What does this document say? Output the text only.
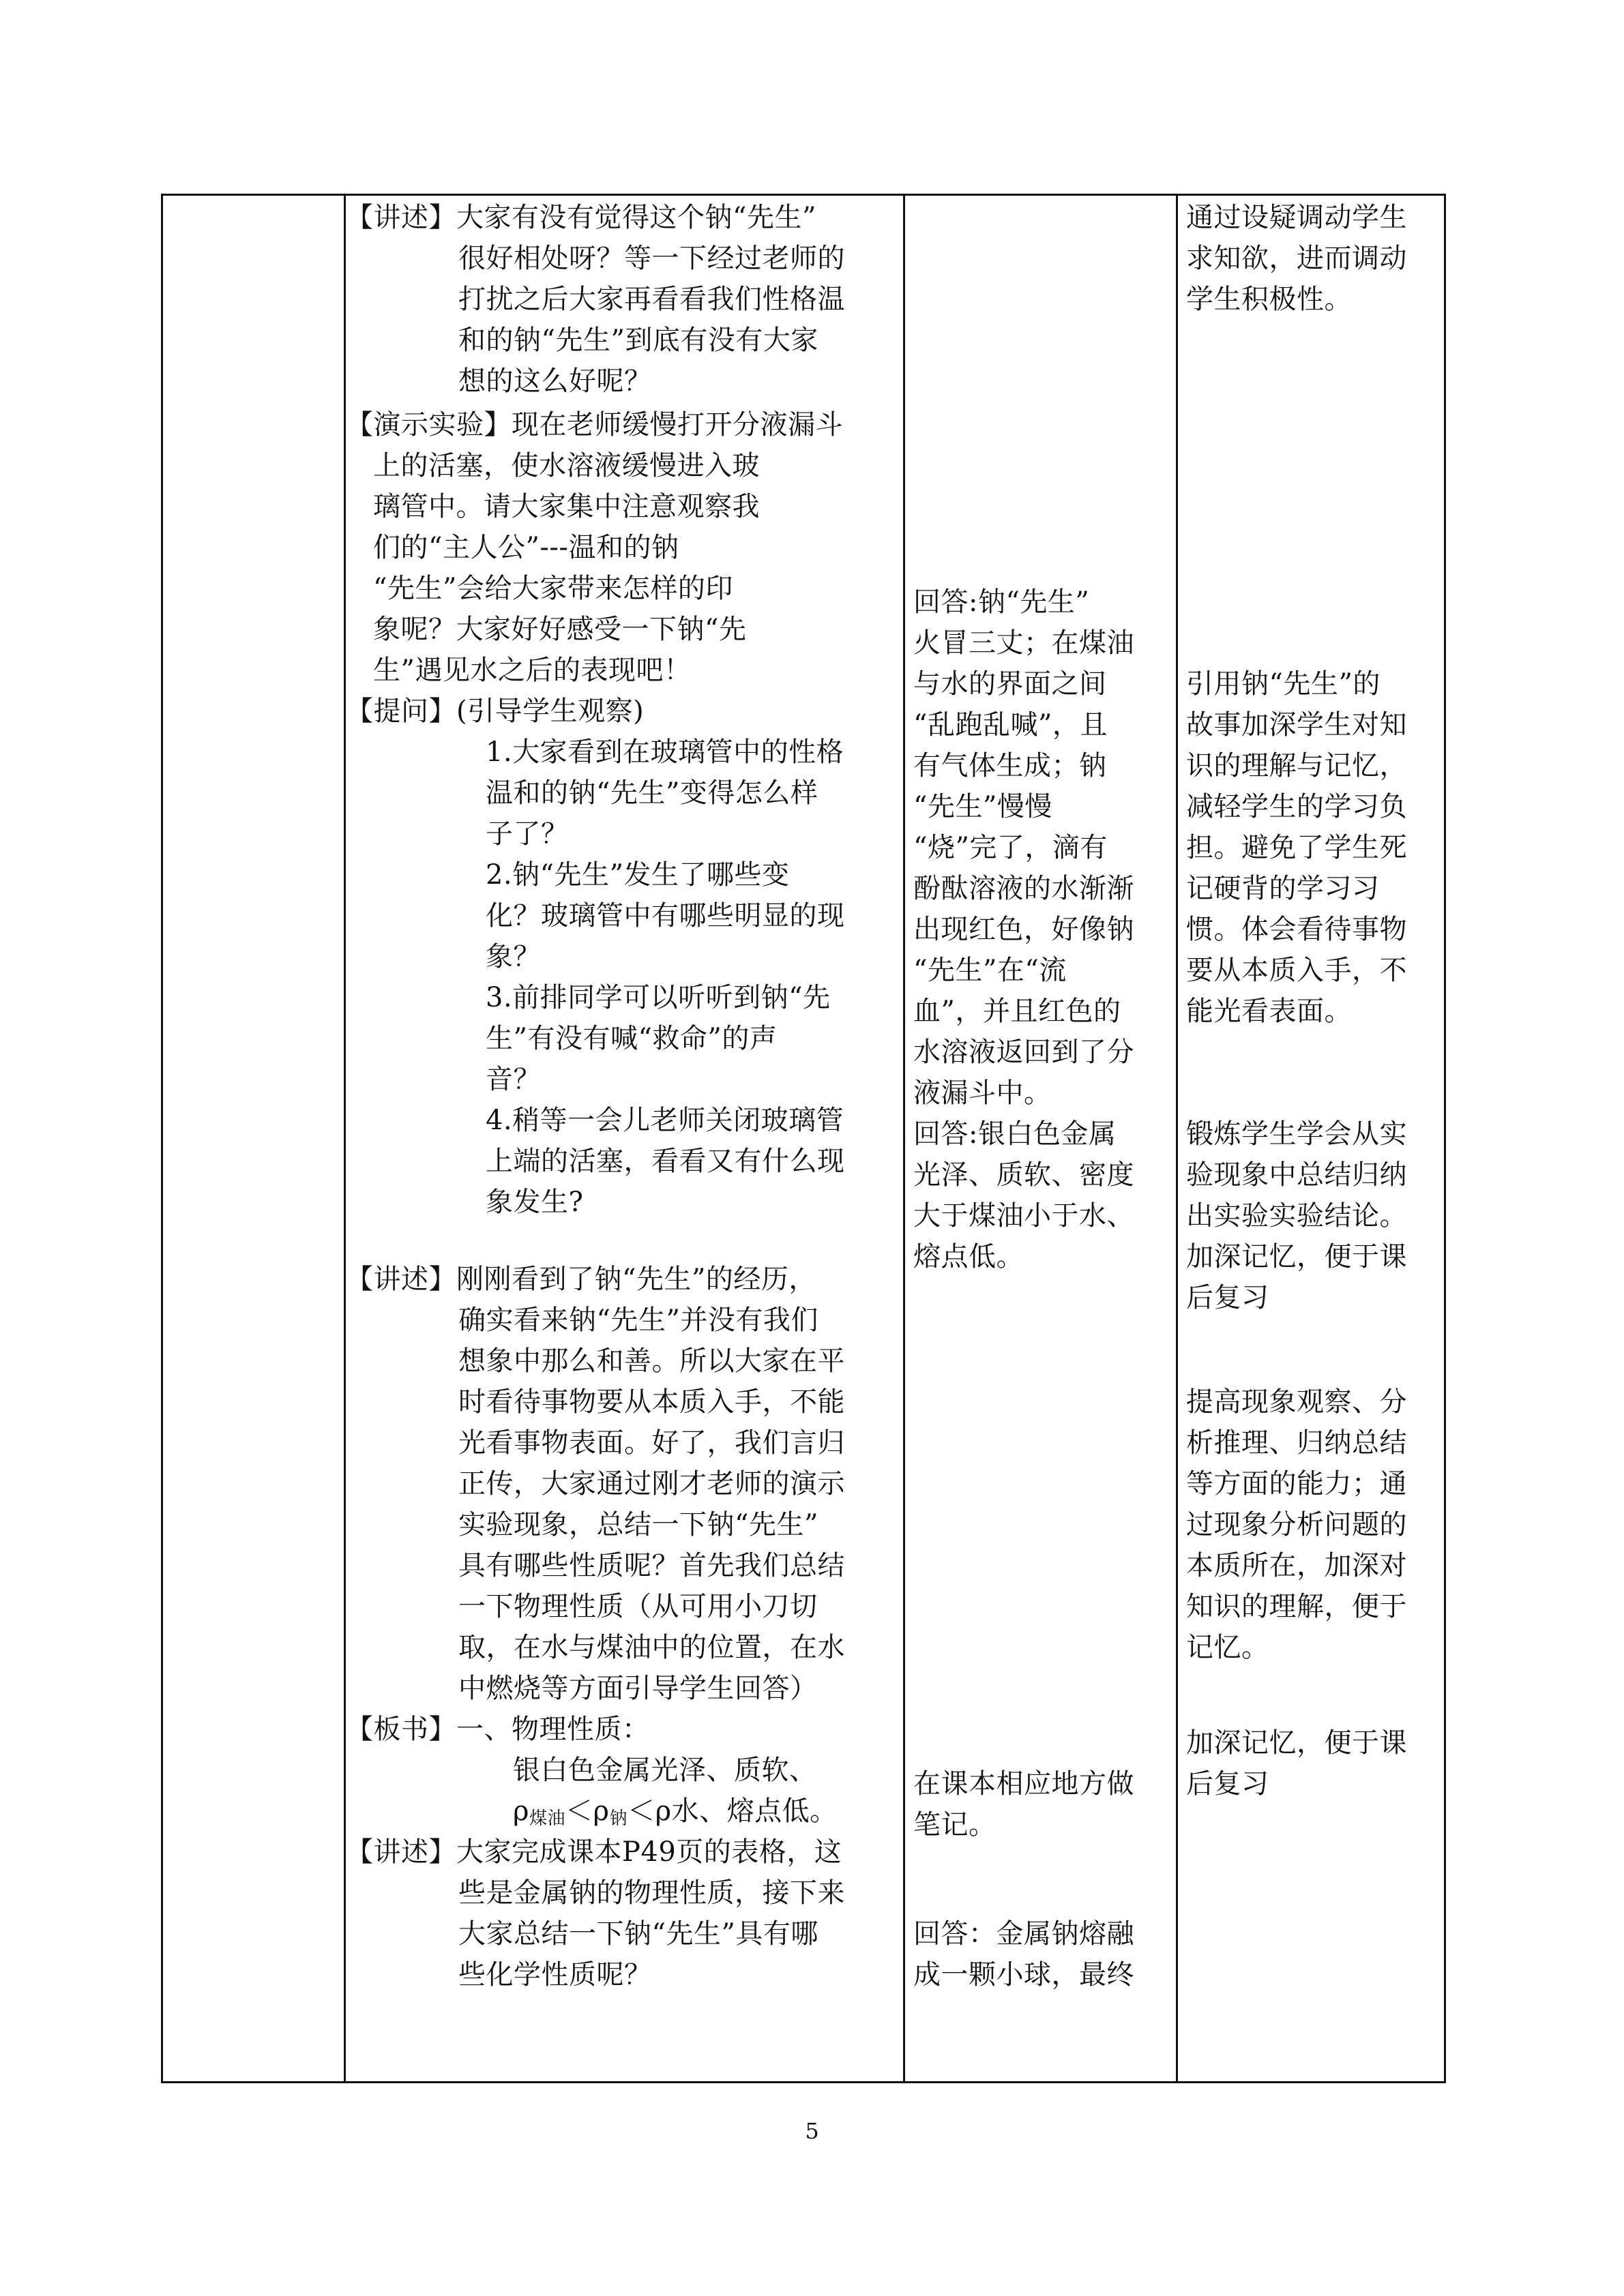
【讲述】大家有没有觉得这个钠“先生”
很好相处呀？等一下经过老师的
打扰之后大家再看看我们性格温
和的钠“先生”到底有没有大家
想的这么好呢？
【演示实验】现在老师缓慢打开分液漏斗
上的活塞，使水溶液缓慢进入玻
璃管中。请大家集中注意观察我
们的“主人公”---温和的钠
“先生”会给大家带来怎样的印
象呢？大家好好感受一下钠“先
生”遇见水之后的表现吧！
【提问】(引导学生观察)
1.大家看到在玻璃管中的性格
温和的钠“先生”变得怎么样
子了？
2.钠“先生”发生了哪些变
化？玻璃管中有哪些明显的现
象？
3.前排同学可以听听到钠“先
生”有没有喊“救命”的声
音？
4.稍等一会儿老师关闭玻璃管
上端的活塞，看看又有什么现
象发生?
【讲述】刚刚看到了钠“先生”的经历，
确实看来钠“先生”并没有我们
想象中那么和善。所以大家在平
时看待事物要从本质入手，不能
光看事物表面。好了，我们言归
正传，大家通过刚才老师的演示
实验现象，总结一下钠“先生”
具有哪些性质呢？首先我们总结
一下物理性质（从可用小刀切
取，在水与煤油中的位置，在水
中燃烧等方面引导学生回答）
【板书】一、物理性质：
银白色金属光泽、质软、
$\rho_{煤油}<\rho_钠<\rho$水、熔点低。
【讲述】大家完成课本P49页的表格，这
些是金属钠的物理性质，接下来
大家总结一下钠“先生”具有哪
些化学性质呢？
回答:钠“先生”
火冒三丈；在煤油
与水的界面之间
“乱跑乱喊”，且
有气体生成；钠
“先生”慢慢
“烧”完了，滴有
酚酞溶液的水渐渐
出现红色，好像钠
“先生”在“流
血”，并且红色的
水溶液返回到了分
液漏斗中。
回答:银白色金属
光泽、质软、密度
大于煤油小于水、
熔点低。
在课本相应地方做
笔记。
回答：金属钠熔融
成一颗小球，最终
通过设疑调动学生
求知欲，进而调动
学生积极性。
引用钠“先生”的
故事加深学生对知
识的理解与记忆，
减轻学生的学习负
担。避免了学生死
记硬背的学习习
惯。体会看待事物
要从本质入手，不
能光看表面。
锻炼学生学会从实
验现象中总结归纳
出实验实验结论。
加深记忆，便于课
后复习
提高现象观察、分
析推理、归纳总结
等方面的能力；通
过现象分析问题的
本质所在，加深对
知识的理解，便于
记忆。
加深记忆，便于课
后复习
5
